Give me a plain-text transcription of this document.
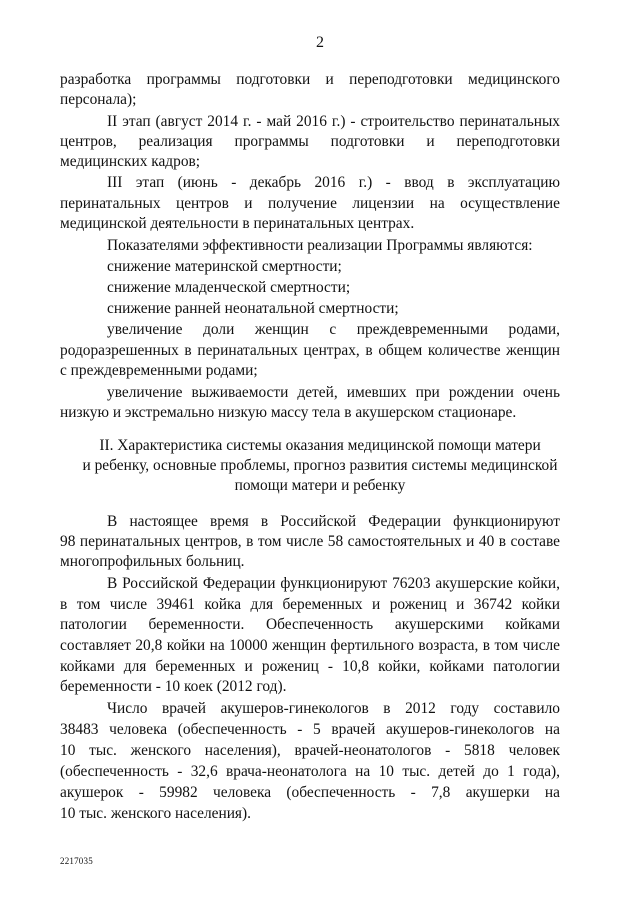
2
разработка программы подготовки и переподготовки медицинского
персонала);
II этап (август 2014 г. - май 2016 г.) - строительство перинатальных
центров, реализация программы подготовки и переподготовки
медицинских кадров;
III этап (июнь - декабрь 2016 г.) - ввод в эксплуатацию
перинатальных центров и получение лицензии на осуществление
медицинской деятельности в перинатальных центрах.
Показателями эффективности реализации Программы являются:
снижение материнской смертности;
снижение младенческой смертности;
снижение ранней неонатальной смертности;
увеличение доли женщин с преждевременными родами,
родоразрешенных в перинатальных центрах, в общем количестве женщин
с преждевременными родами;
увеличение выживаемости детей, имевших при рождении очень
низкую и экстремально низкую массу тела в акушерском стационаре.
II. Характеристика системы оказания медицинской помощи матери
и ребенку, основные проблемы, прогноз развития системы медицинской
помощи матери и ребенку
В настоящее время в Российской Федерации функционируют
98 перинатальных центров, в том числе 58 самостоятельных и 40 в составе
многопрофильных больниц.
В Российской Федерации функционируют 76203 акушерские койки,
в том числе 39461 койка для беременных и рожениц и 36742 койки
патологии беременности. Обеспеченность акушерскими койками
составляет 20,8 койки на 10000 женщин фертильного возраста, в том числе
койками для беременных и рожениц - 10,8 койки, койками патологии
беременности - 10 коек (2012 год).
Число врачей акушеров-гинекологов в 2012 году составило
38483 человека (обеспеченность - 5 врачей акушеров-гинекологов на
10 тыс. женского населения), врачей-неонатологов - 5818 человек
(обеспеченность - 32,6 врача-неонатолога на 10 тыс. детей до 1 года),
акушерок - 59982 человека (обеспеченность - 7,8 акушерки на
10 тыс. женского населения).
2217035
